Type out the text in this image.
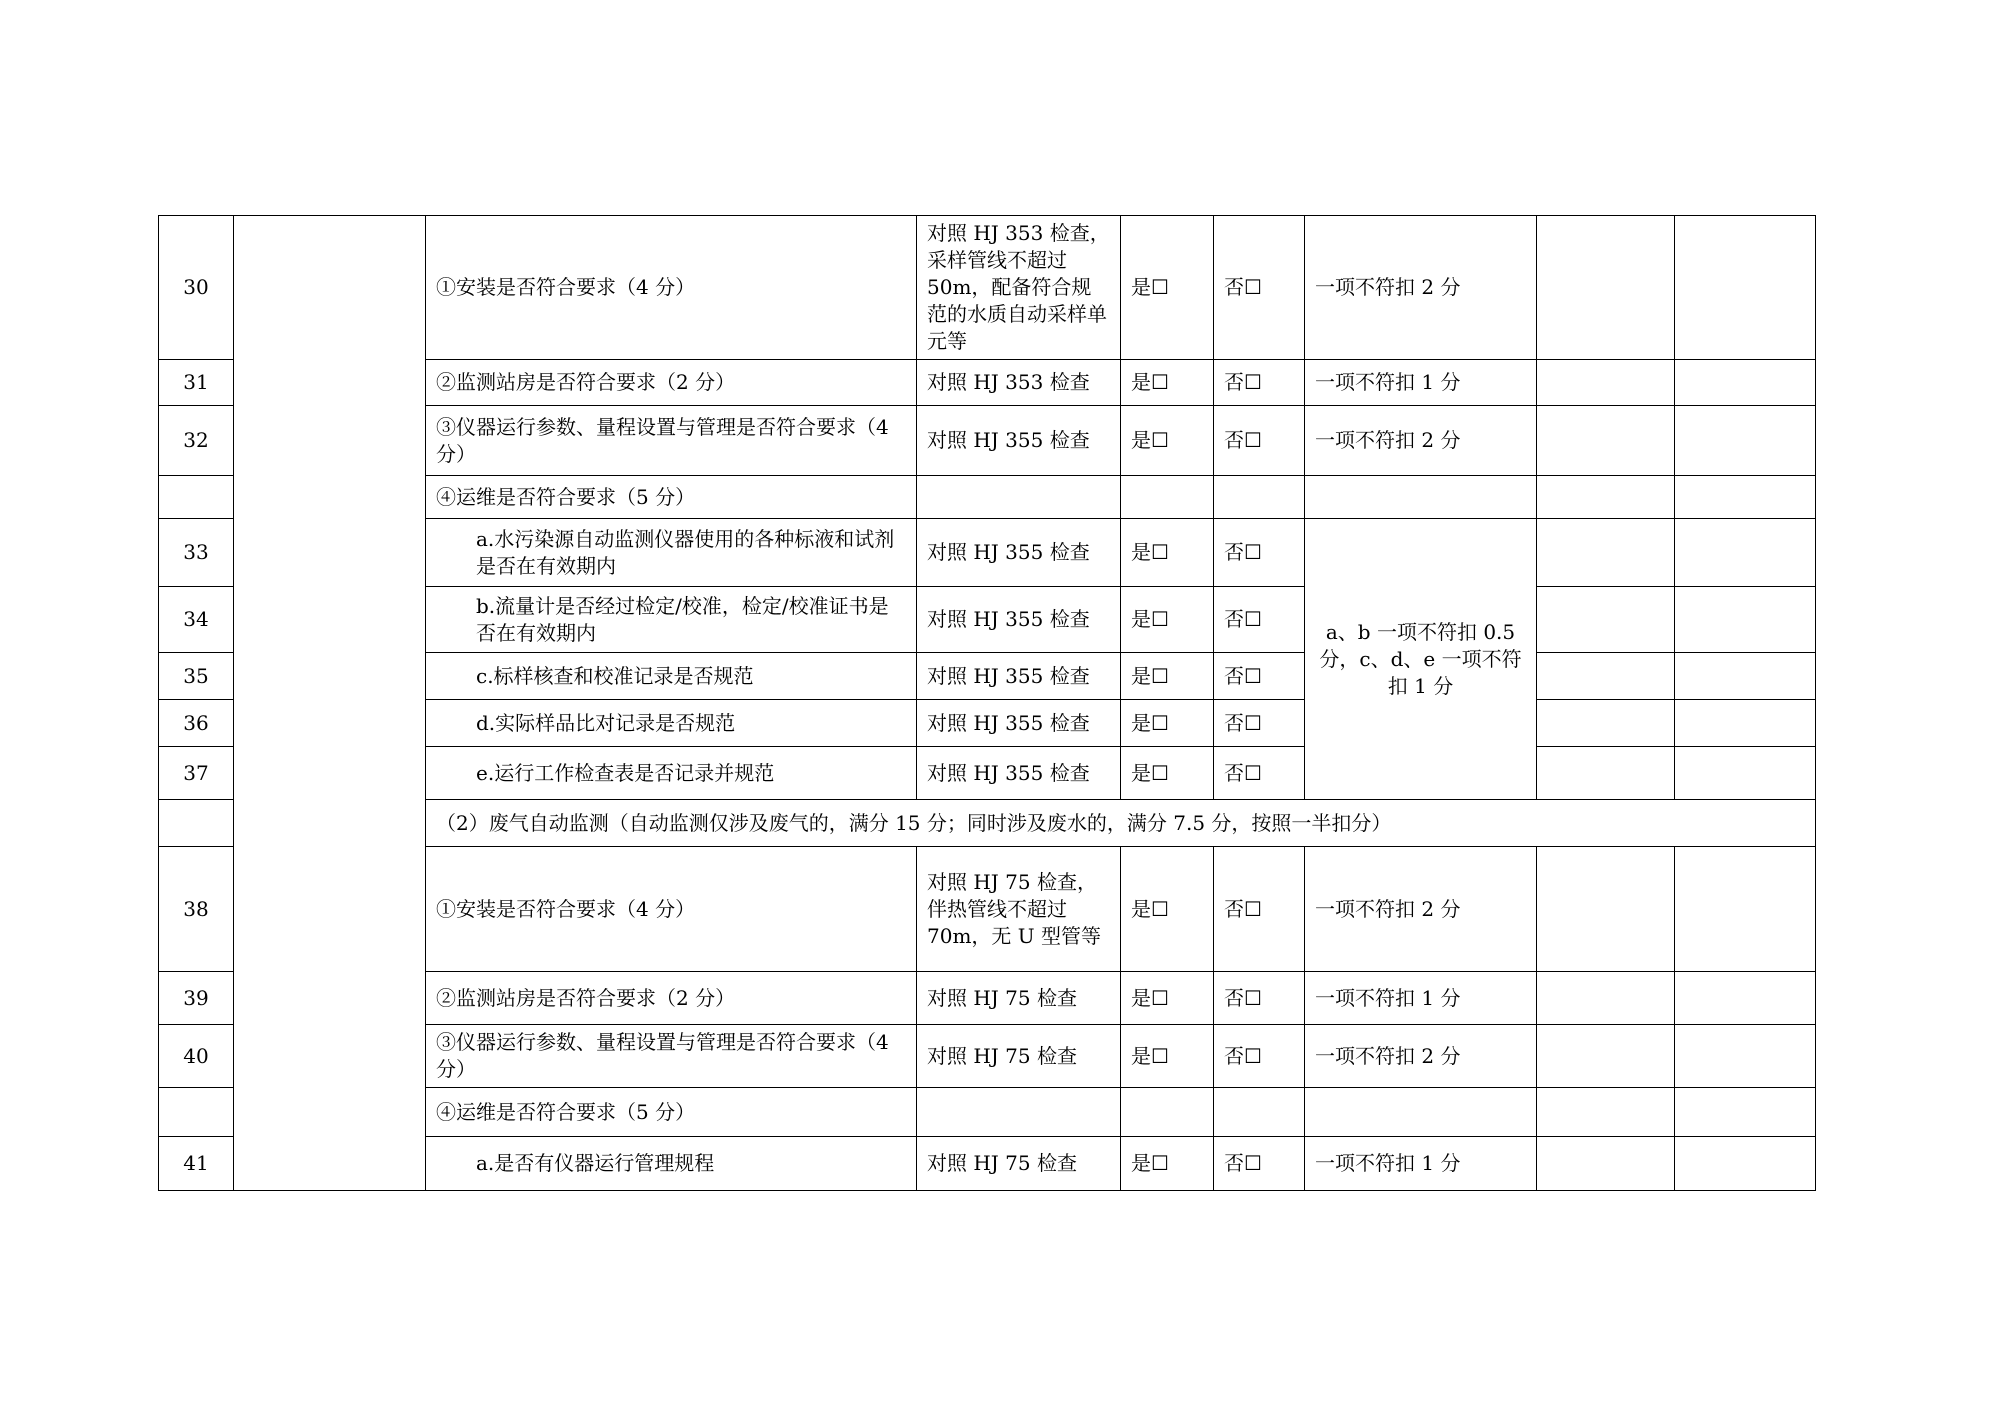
30		①安装是否符合要求（4 分）	对照 HJ 353 检查，采样管线不超过50m，配备符合规范的水质自动采样单元等	是☐	否☐	一项不符扣 2 分		
31		②监测站房是否符合要求（2 分）	对照 HJ 353 检查	是☐	否☐	一项不符扣 1 分		
32		③仪器运行参数、量程设置与管理是否符合要求（4 分）	对照 HJ 355 检查	是☐	否☐	一项不符扣 2 分		
		④运维是否符合要求（5 分）						
33		a.水污染源自动监测仪器使用的各种标液和试剂是否在有效期内	对照 HJ 355 检查	是☐	否☐	a、b 一项不符扣 0.5 分，c、d、e 一项不符扣 1 分		
34		b.流量计是否经过检定/校准，检定/校准证书是否在有效期内	对照 HJ 355 检查	是☐	否☐			
35		c.标样核查和校准记录是否规范	对照 HJ 355 检查	是☐	否☐			
36		d.实际样品比对记录是否规范	对照 HJ 355 检查	是☐	否☐			
37		e.运行工作检查表是否记录并规范	对照 HJ 355 检查	是☐	否☐			
		（2）废气自动监测（自动监测仅涉及废气的，满分 15 分；同时涉及废水的，满分 7.5 分，按照一半扣分）						
38		①安装是否符合要求（4 分）	对照 HJ 75 检查，伴热管线不超过70m，无 U 型管等	是☐	否☐	一项不符扣 2 分		
39		②监测站房是否符合要求（2 分）	对照 HJ 75 检查	是☐	否☐	一项不符扣 1 分		
40		③仪器运行参数、量程设置与管理是否符合要求（4 分）	对照 HJ 75 检查	是☐	否☐	一项不符扣 2 分		
		④运维是否符合要求（5 分）						
41		a.是否有仪器运行管理规程	对照 HJ 75 检查	是☐	否☐	一项不符扣 1 分		
